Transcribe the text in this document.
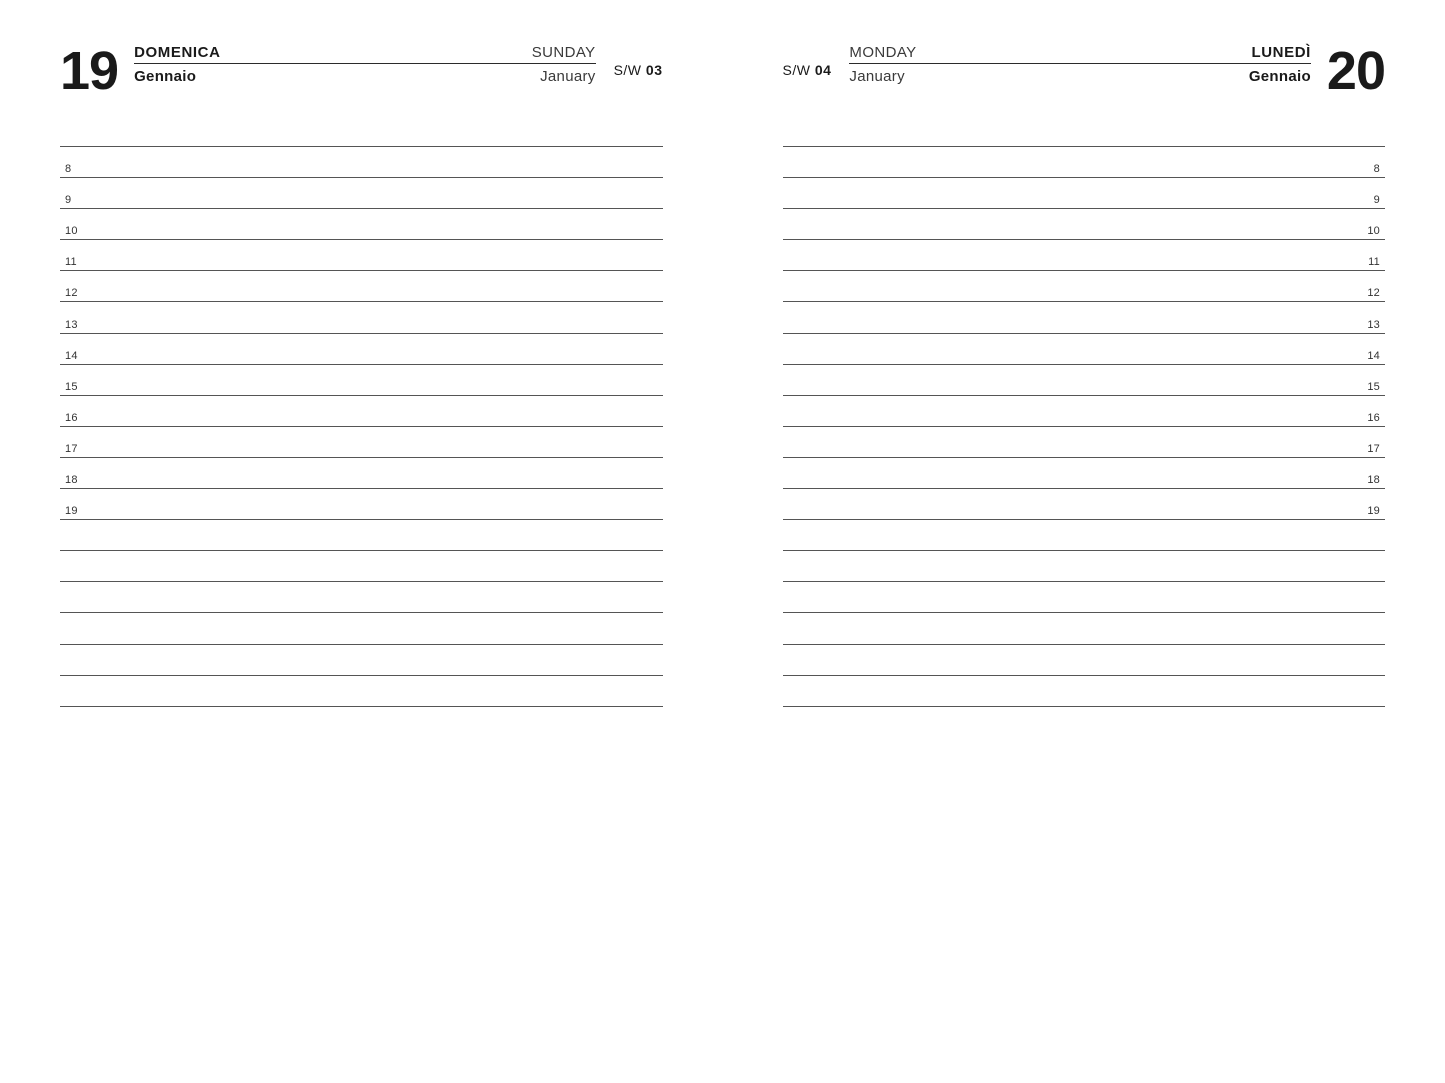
19 DOMENICA	SUNDAY
Gennaio	January S/W 03
8
9
10
11
12
13
14
15
16
17
18
19
S/W 04
MONDAY	LUNEDÌ
January	Gennaio 20
8
9
10
11
12
13
14
15
16
17
18
19
